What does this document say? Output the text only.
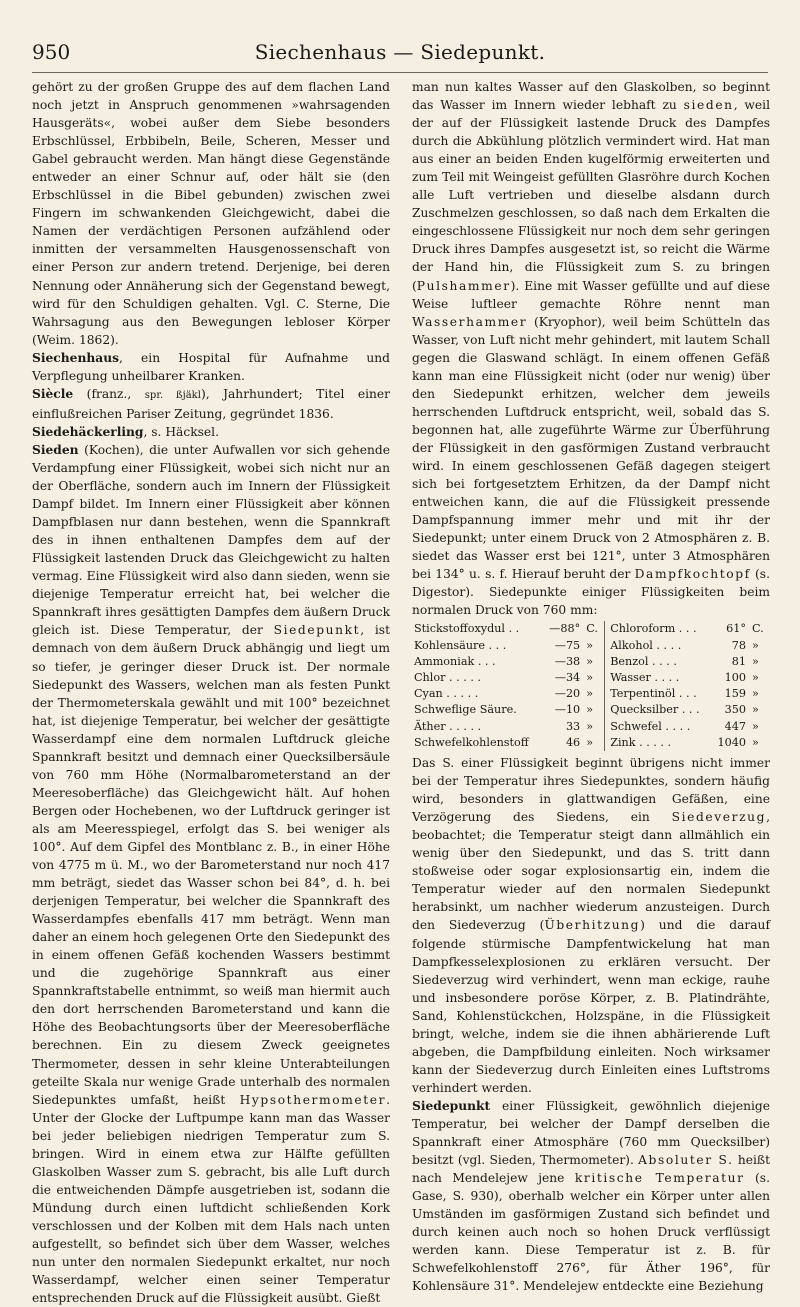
950	Siechenhaus — Siedepunkt.

gehört zu der großen Gruppe des auf dem flachen Land noch jetzt in Anspruch genommenen »wahrsagenden Hausgeräts«, wobei außer dem Siebe besonders Erbschlüssel, Erbbibeln, Beile, Scheren, Messer und Gabel gebraucht werden. Man hängt diese Gegenstände entweder an einer Schnur auf, oder hält sie (den Erbschlüssel in die Bibel gebunden) zwischen zwei Fingern im schwankenden Gleichgewicht, dabei die Namen der verdächtigen Personen aufzählend oder inmitten der versammelten Hausgenossenschaft von einer Person zur andern tretend. Derjenige, bei deren Nennung oder Annäherung sich der Gegenstand bewegt, wird für den Schuldigen gehalten. Vgl. C. Sterne, Die Wahrsagung aus den Bewegungen lebloser Körper (Weim. 1862).

Siechenhaus, ein Hospital für Aufnahme und Verpflegung unheilbarer Kranken.

Siècle (franz., spr. ßjäkl), Jahrhundert; Titel einer einflußreichen Pariser Zeitung, gegründet 1836.

Siedehäckerling, s. Häcksel.

Sieden (Kochen), die unter Aufwallen vor sich gehende Verdampfung einer Flüssigkeit, wobei sich nicht nur an der Oberfläche, sondern auch im Innern der Flüssigkeit Dampf bildet. Im Innern einer Flüssigkeit aber können Dampfblasen nur dann bestehen, wenn die Spannkraft des in ihnen enthaltenen Dampfes dem auf der Flüssigkeit lastenden Druck das Gleichgewicht zu halten vermag. Eine Flüssigkeit wird also dann sieden, wenn sie diejenige Temperatur erreicht hat, bei welcher die Spannkraft ihres gesättigten Dampfes dem äußern Druck gleich ist. Diese Temperatur, der Siedepunkt, ist demnach von dem äußern Druck abhängig und liegt um so tiefer, je geringer dieser Druck ist. Der normale Siedepunkt des Wassers, welchen man als festen Punkt der Thermometerskala gewählt und mit 100° bezeichnet hat, ist diejenige Temperatur, bei welcher der gesättigte Wasserdampf eine dem normalen Luftdruck gleiche Spannkraft besitzt und demnach einer Quecksilbersäule von 760 mm Höhe (Normalbarometerstand an der Meeresoberfläche) das Gleichgewicht hält. Auf hohen Bergen oder Hochebenen, wo der Luftdruck geringer ist als am Meeresspiegel, erfolgt das S. bei weniger als 100°. Auf dem Gipfel des Montblanc z. B., in einer Höhe von 4775 m ü. M., wo der Barometerstand nur noch 417 mm beträgt, siedet das Wasser schon bei 84°, d. h. bei derjenigen Temperatur, bei welcher die Spannkraft des Wasserdampfes ebenfalls 417 mm beträgt. Wenn man daher an einem hoch gelegenen Orte den Siedepunkt des in einem offenen Gefäß kochenden Wassers bestimmt und die zugehörige Spannkraft aus einer Spannkraftstabelle entnimmt, so weiß man hiermit auch den dort herrschenden Barometerstand und kann die Höhe des Beobachtungsorts über der Meeresoberfläche berechnen. Ein zu diesem Zweck geeignetes Thermometer, dessen in sehr kleine Unterabteilungen geteilte Skala nur wenige Grade unterhalb des normalen Siedepunktes umfaßt, heißt Hypsothermometer. Unter der Glocke der Luftpumpe kann man das Wasser bei jeder beliebigen niedrigen Temperatur zum S. bringen. Wird in einem etwa zur Hälfte gefüllten Glaskolben Wasser zum S. gebracht, bis alle Luft durch die entweichenden Dämpfe ausgetrieben ist, sodann die Mündung durch einen luftdicht schließenden Kork verschlossen und der Kolben mit dem Hals nach unten aufgestellt, so befindet sich über dem Wasser, welches nun unter den normalen Siedepunkt erkaltet, nur noch Wasserdampf, welcher einen seiner Temperatur entsprechenden Druck auf die Flüssigkeit ausübt. Gießt

man nun kaltes Wasser auf den Glaskolben, so beginnt das Wasser im Innern wieder lebhaft zu sieden, weil der auf der Flüssigkeit lastende Druck des Dampfes durch die Abkühlung plötzlich vermindert wird. Hat man aus einer an beiden Enden kugelförmig erweiterten und zum Teil mit Weingeist gefüllten Glasröhre durch Kochen alle Luft vertrieben und dieselbe alsdann durch Zuschmelzen geschlossen, so daß nach dem Erkalten die eingeschlossene Flüssigkeit nur noch dem sehr geringen Druck ihres Dampfes ausgesetzt ist, so reicht die Wärme der Hand hin, die Flüssigkeit zum S. zu bringen (Pulshammer). Eine mit Wasser gefüllte und auf diese Weise luftleer gemachte Röhre nennt man Wasserhammer (Kryophor), weil beim Schütteln das Wasser, von Luft nicht mehr gehindert, mit lautem Schall gegen die Glaswand schlägt. In einem offenen Gefäß kann man eine Flüssigkeit nicht (oder nur wenig) über den Siedepunkt erhitzen, welcher dem jeweils herrschenden Luftdruck entspricht, weil, sobald das S. begonnen hat, alle zugeführte Wärme zur Überführung der Flüssigkeit in den gasförmigen Zustand verbraucht wird. In einem geschlossenen Gefäß dagegen steigert sich bei fortgesetztem Erhitzen, da der Dampf nicht entweichen kann, die auf die Flüssigkeit pressende Dampfspannung immer mehr und mit ihr der Siedepunkt; unter einem Druck von 2 Atmosphären z. B. siedet das Wasser erst bei 121°, unter 3 Atmosphären bei 134° u. s. f. Hierauf beruht der Dampfkochtopf (s. Digestor). Siedepunkte einiger Flüssigkeiten beim normalen Druck von 760 mm:

Stickstoffoxydul . .	—88°	C.	Chloroform . . .	61°	C.
Kohlensäure . . .	—75	»	Alkohol . . . .	78	»
Ammoniak . . .	—38	»	Benzol . . . .	81	»
Chlor . . . . .	—34	»	Wasser . . . .	100	»
Cyan . . . . .	—20	»	Terpentinöl . . .	159	»
Schweflige Säure.	—10	»	Quecksilber . . .	350	»
Äther . . . . .	33	»	Schwefel . . . .	447	»
Schwefelkohlenstoff	46	»	Zink . . . . .	1040	»

Das S. einer Flüssigkeit beginnt übrigens nicht immer bei der Temperatur ihres Siedepunktes, sondern häufig wird, besonders in glattwandigen Gefäßen, eine Verzögerung des Siedens, ein Siedeverzug, beobachtet; die Temperatur steigt dann allmählich ein wenig über den Siedepunkt, und das S. tritt dann stoßweise oder sogar explosionsartig ein, indem die Temperatur wieder auf den normalen Siedepunkt herabsinkt, um nachher wiederum anzusteigen. Durch den Siedeverzug (Überhitzung) und die darauf folgende stürmische Dampfentwickelung hat man Dampfkesselexplosionen zu erklären versucht. Der Siedeverzug wird verhindert, wenn man eckige, rauhe und insbesondere poröse Körper, z. B. Platindrähte, Sand, Kohlenstückchen, Holzspäne, in die Flüssigkeit bringt, welche, indem sie die ihnen abhärierende Luft abgeben, die Dampfbildung einleiten. Noch wirksamer kann der Siedeverzug durch Einleiten eines Luftstroms verhindert werden.

Siedepunkt einer Flüssigkeit, gewöhnlich diejenige Temperatur, bei welcher der Dampf derselben die Spannkraft einer Atmosphäre (760 mm Quecksilber) besitzt (vgl. Sieden, Thermometer). Absoluter S. heißt nach Mendelejew jene kritische Temperatur (s. Gase, S. 930), oberhalb welcher ein Körper unter allen Umständen im gasförmigen Zustand sich befindet und durch keinen auch noch so hohen Druck verflüssigt werden kann. Diese Temperatur ist z. B. für Schwefelkohlenstoff 276°, für Äther 196°, für Kohlensäure 31°. Mendelejew entdeckte eine Beziehung
